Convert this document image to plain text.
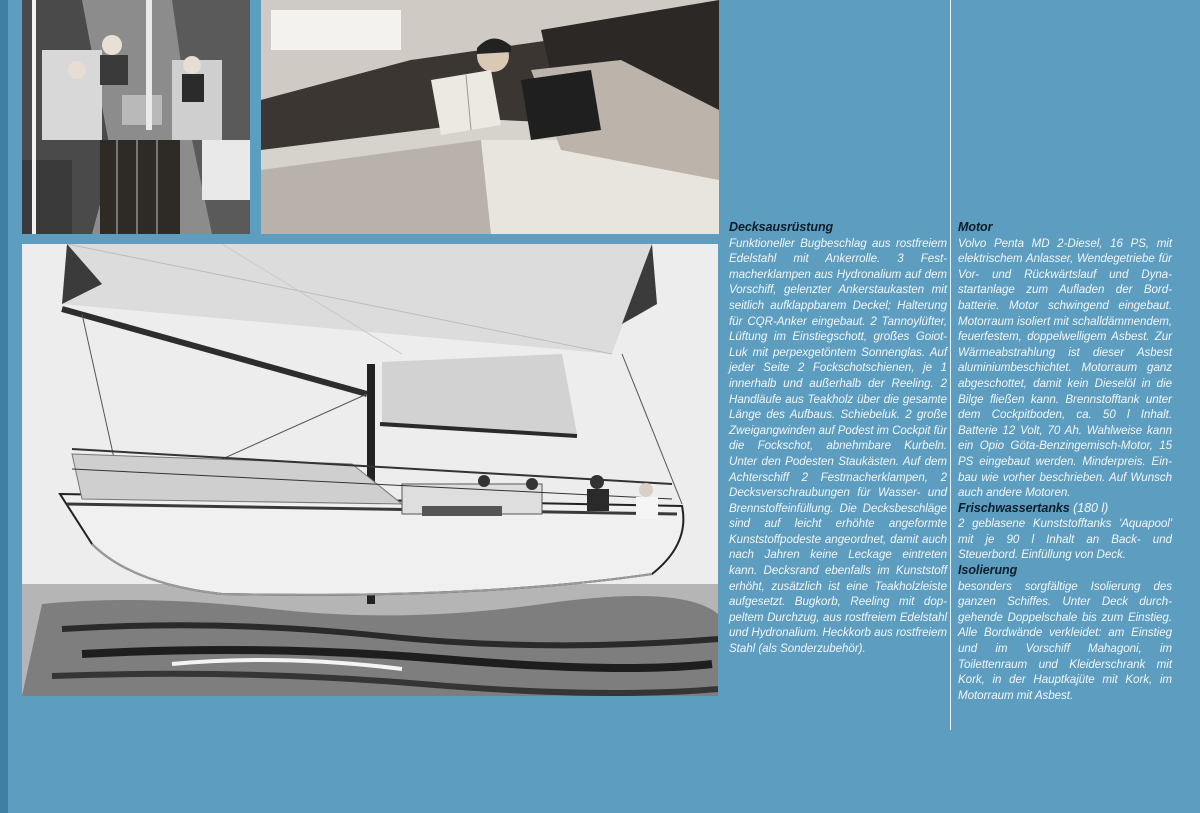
Decksausrüstung

Funktioneller Bugbeschlag aus rostfreiem Edelstahl mit Ankerrolle. 3 Festmacherklampen aus Hydronalium auf dem Vorschiff, gelenzter Ankerstaukasten mit seitlich aufklappbarem Deckel; Halterung für CQR-Anker eingebaut. 2 Tannoylüfter, Lüftung im Einstiegschott, großes Goiot-Luk mit perpexgetöntem Sonnenglas. Auf jeder Seite 2 Fockschotschienen, je 1 innerhalb und außerhalb der Reeling. 2 Handläufe aus Teakholz über die gesamte Länge des Aufbaus. Schiebeluk. 2 große Zweigangwinden auf Podest im Cockpit für die Fockschot, abnehmbare Kurbeln. Unter den Podesten Staukästen. Auf dem Achterschiff 2 Festmacherklampen, 2 Decksverschraubungen für Wasser- und Brennstoffeinfüllung. Die Decksbeschläge sind auf leicht erhöhte angeformte Kunststoffpodeste angeordnet, damit auch nach Jahren keine Leckage eintreten kann. Decksrand ebenfalls im Kunststoff erhöht, zusätzlich ist eine Teakholzleiste aufgesetzt. Bugkorb, Reeling mit doppeltem Durchzug, aus rostfreiem Edelstahl und Hydronalium. Heckkorb aus rostfreiem Stahl (als Sonderzubehör).

Motor

Volvo Penta MD 2-Diesel, 16 PS, mit elektrischem Anlasser, Wendegetriebe für Vor- und Rückwärtslauf und Dynastartanlage zum Aufladen der Bordbatterie. Motor schwingend eingebaut. Motorraum isoliert mit schalldämmendem, feuerfestem, doppelwelligem Asbest. Zur Wärmeabstrahlung ist dieser Asbest aluminiumbeschichtet. Motorraum ganz abgeschottet, damit kein Dieselöl in die Bilge fließen kann. Brennstofftank unter dem Cockpitboden, ca. 50 l Inhalt. Batterie 12 Volt, 70 Ah. Wahlweise kann ein Opio Göta-Benzingemisch-Motor, 15 PS eingebaut werden. Minderpreis. Einbau wie vorher beschrieben. Auf Wunsch auch andere Motoren.

Frischwassertanks (180 l)

2 geblasene Kunststofftanks 'Aquapool' mit je 90 l Inhalt an Back- und Steuerbord. Einfüllung von Deck.

Isolierung

besonders sorgfältige Isolierung des ganzen Schiffes. Unter Deck durchgehende Doppelschale bis zum Einstieg. Alle Bordwände verkleidet: am Einstieg und im Vorschiff Mahagoni, im Toilettenraum und Kleiderschrank mit Kork, in der Hauptkajüte mit Kork, im Motorraum mit Asbest.
